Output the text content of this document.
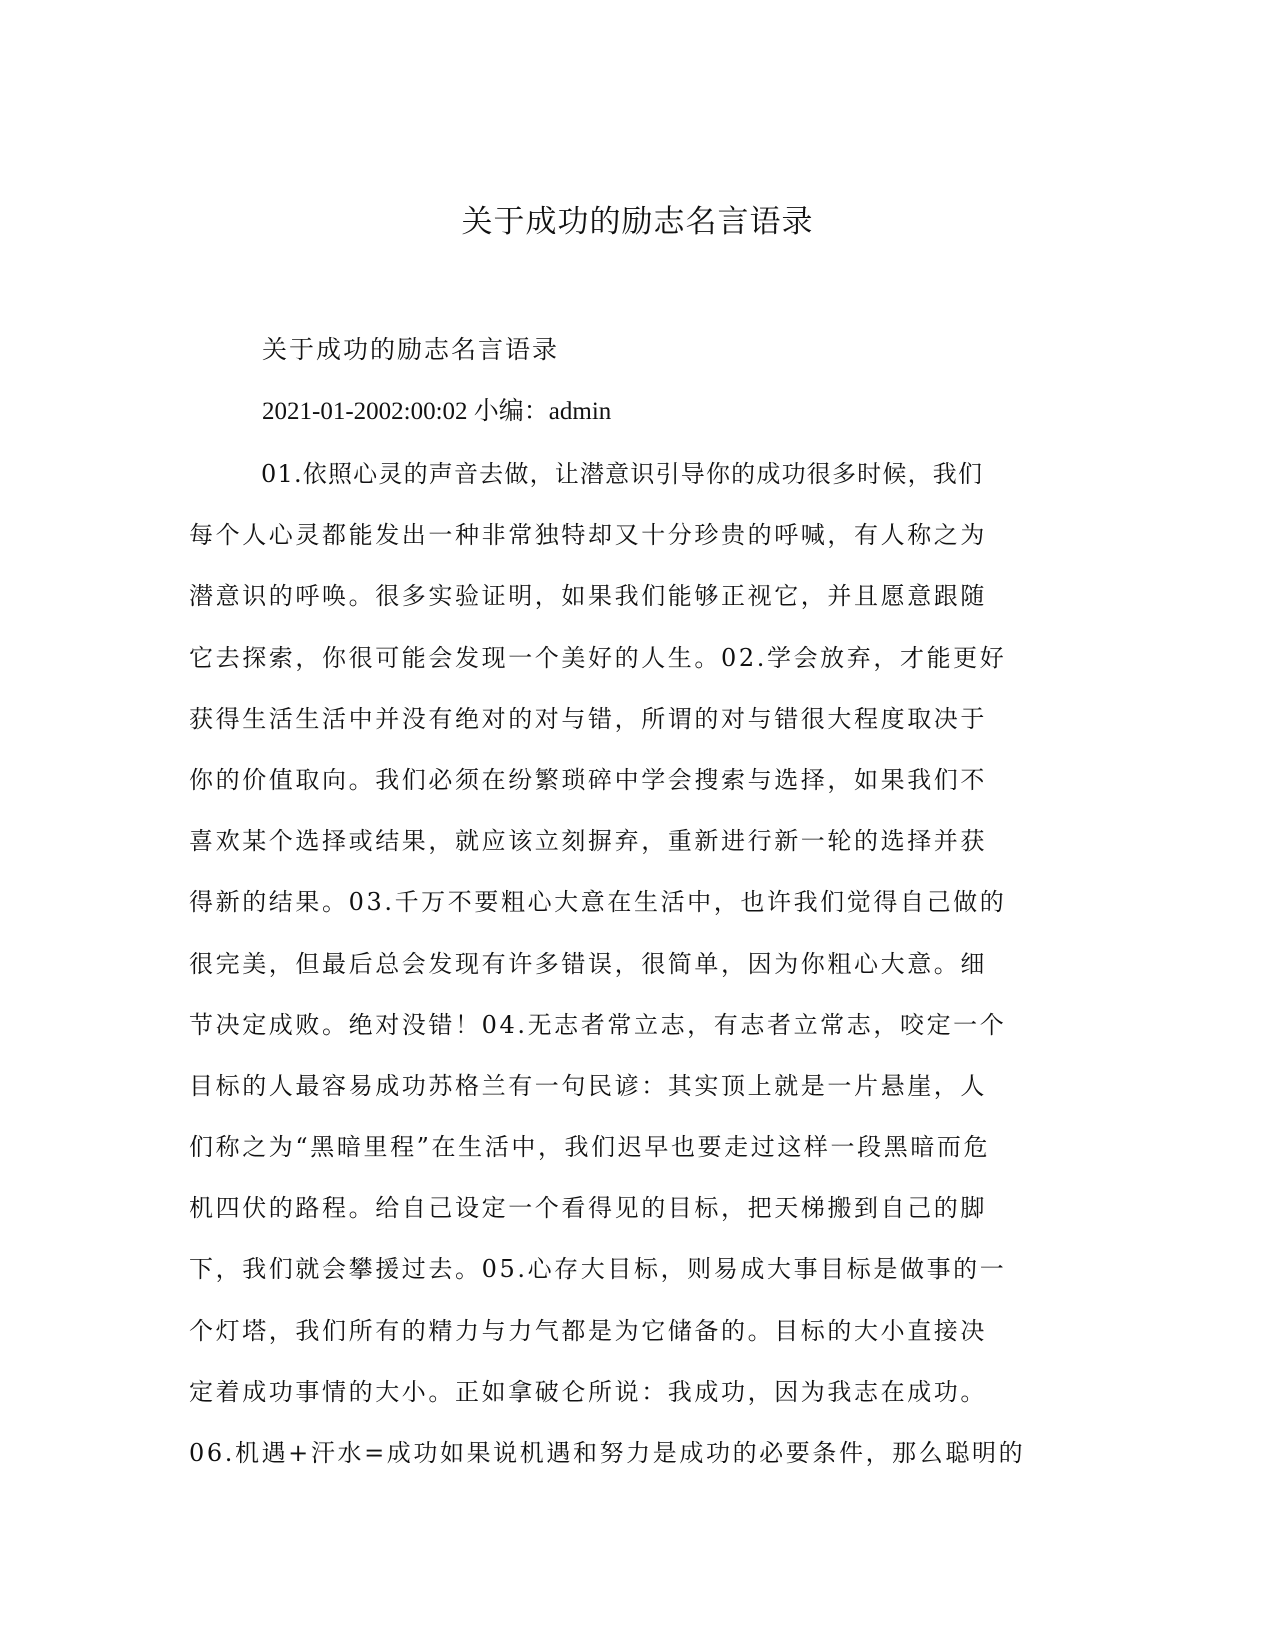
关于成功的励志名言语录

关于成功的励志名言语录

2021-01-2002:00:02 小编：admin

01.依照心灵的声音去做，让潜意识引导你的成功很多时候，我们
每个人心灵都能发出一种非常独特却又十分珍贵的呼喊，有人称之为
潜意识的呼唤。很多实验证明，如果我们能够正视它，并且愿意跟随
它去探索，你很可能会发现一个美好的人生。02.学会放弃，才能更好
获得生活生活中并没有绝对的对与错，所谓的对与错很大程度取决于
你的价值取向。我们必须在纷繁琐碎中学会搜索与选择，如果我们不
喜欢某个选择或结果，就应该立刻摒弃，重新进行新一轮的选择并获
得新的结果。03.千万不要粗心大意在生活中，也许我们觉得自己做的
很完美，但最后总会发现有许多错误，很简单，因为你粗心大意。细
节决定成败。绝对没错！04.无志者常立志，有志者立常志，咬定一个
目标的人最容易成功苏格兰有一句民谚：其实顶上就是一片悬崖，人
们称之为“黑暗里程”在生活中，我们迟早也要走过这样一段黑暗而危
机四伏的路程。给自己设定一个看得见的目标，把天梯搬到自己的脚
下，我们就会攀援过去。05.心存大目标，则易成大事目标是做事的一
个灯塔，我们所有的精力与力气都是为它储备的。目标的大小直接决
定着成功事情的大小。正如拿破仑所说：我成功，因为我志在成功。
06.机遇+汗水=成功如果说机遇和努力是成功的必要条件，那么聪明的
